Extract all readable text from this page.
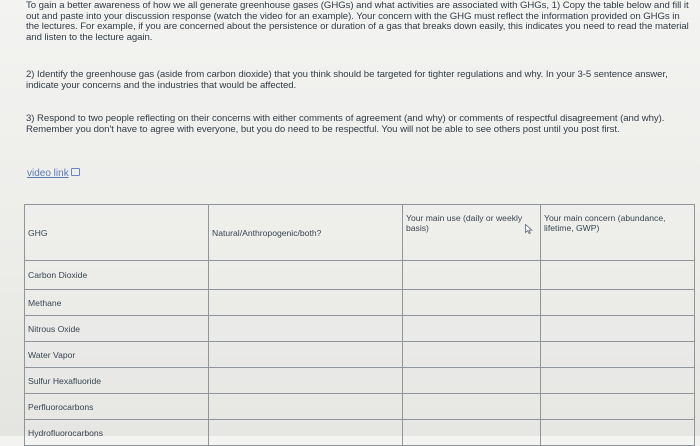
To gain a better awareness of how we all generate greenhouse gases (GHGs) and what activities are associated with GHGs, 1) Copy the table below and fill it out and paste into your discussion response (watch the video for an example). Your concern with the GHG must reflect the information provided on GHGs in the lectures. For example, if you are concerned about the persistence or duration of a gas that breaks down easily, this indicates you need to read the material and listen to the lecture again.
2) Identify the greenhouse gas (aside from carbon dioxide) that you think should be targeted for tighter regulations and why. In your 3-5 sentence answer, indicate your concerns and the industries that would be affected.
3) Respond to two people reflecting on their concerns with either comments of agreement (and why) or comments of respectful disagreement (and why). Remember you don't have to agree with everyone, but you do need to be respectful. You will not be able to see others post until you post first.
video link
GHG	Natural/Anthropogenic/both?	Your main use (daily or weekly basis)	Your main concern (abundance, lifetime, GWP)
Carbon Dioxide			
Methane			
Nitrous Oxide			
Water Vapor			
Sulfur Hexafluoride			
Perfluorocarbons			
Hydrofluorocarbons			
